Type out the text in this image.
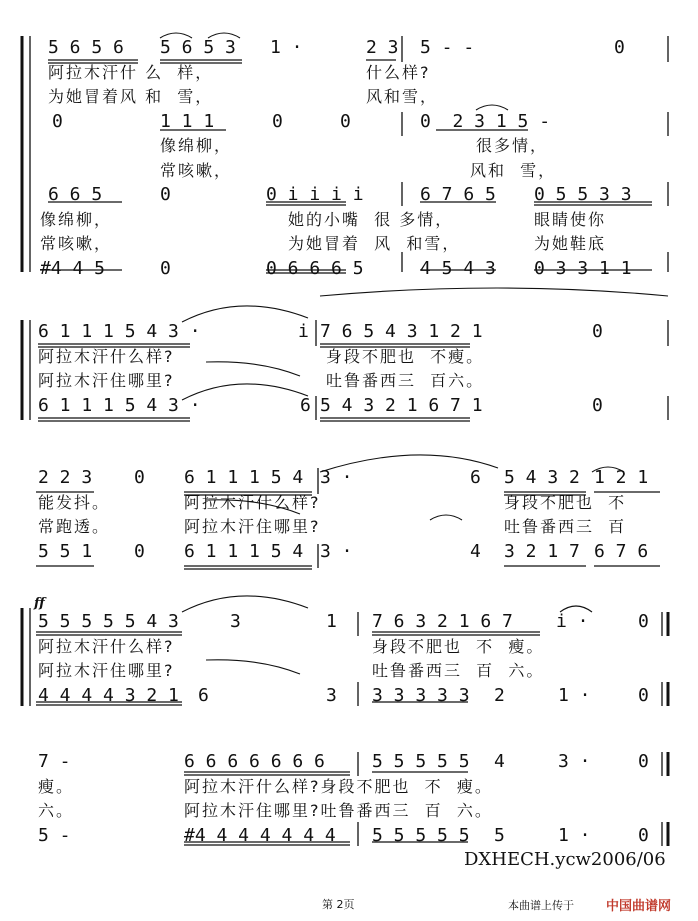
ff
5 6 5 6 5 6 5 3 1 ·	2 3 5 - -	0
阿拉木汗什 么  样，	什么样?
为她冒着风 和  雪，	风和雪，
0	1 1 1	0	0	0  2 3 1 5 -
像绵柳，	很多情，
常咳嗽，	风和  雪，
6 6 5	0	0 i i i i	6 7 6 5 0 5 5 3 3
像绵柳，	她的小嘴  很 多情，	眼睛使你
常咳嗽，	为她冒着  风  和雪，	为她鞋底
#4 4 5	0	0 6 6 6 5	4 5 4 3 0 3 3 1 1
6 1 1 1 5 4 3 ·	i 7 6 5 4 3 1 2 1	0
阿拉木汗什么样?	身段不肥也  不瘦。
阿拉木汗住哪里?	吐鲁番西三  百六。
6 1 1 1 5 4 3 ·	6 5 4 3 2 1 6 7 1	0
2 2 3 0 6 1 1 1 5 4 3 ·	6 5 4 3 2 1 2 1
能发抖。	阿拉木汗什么样?	身段不肥也  不
常跑透。	阿拉木汗住哪里?	吐鲁番西三  百
5 5 1 0 6 1 1 1 5 4 3 ·	4 3 2 1 7 6 7 6
5 5 5 5 5 4 3	3	1 7 6 3 2 1 6 7 i ·	0
阿拉木汗什么样?	身段不肥也  不  瘦。
阿拉木汗住哪里?	吐鲁番西三  百  六。
4 4 4 4 3 2 1 6	3 3 3 3 3 3 2	1 ·	0
7 -	6 6 6 6 6 6 6	5 5 5 5 5 4	3 ·	0
瘦。	阿拉木汗什么样?身段不肥也  不  瘦。
六。	阿拉木汗住哪里?吐鲁番西三  百  六。
5 -	#4 4 4 4 4 4 4 5 5 5 5 5 5	1 ·	0
DXHECH.ycw2006/06
第 2页	本曲谱上传于 中国曲谱网
